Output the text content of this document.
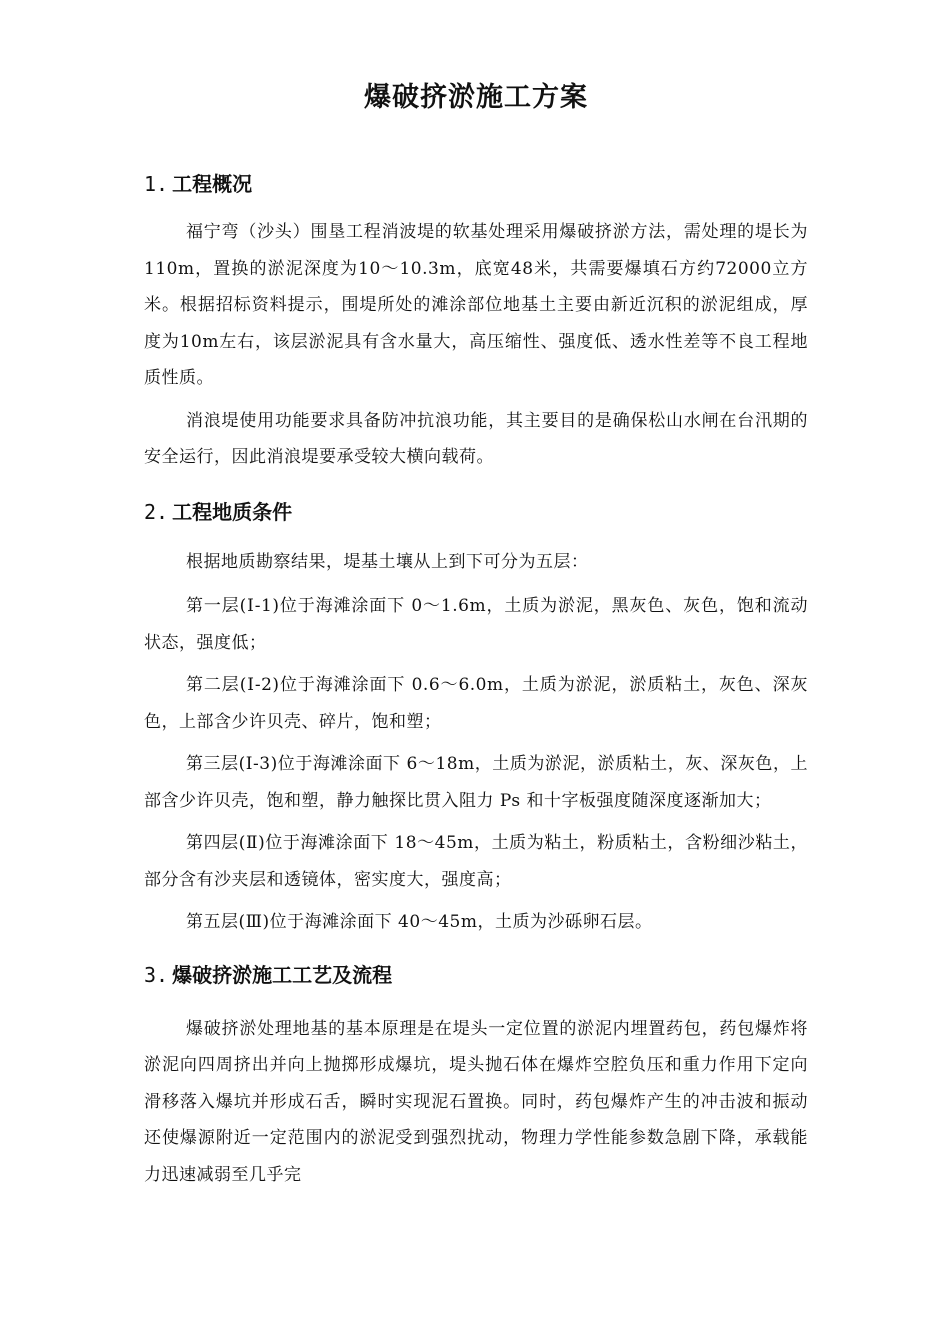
爆破挤淤施工方案
1. 工程概况

福宁弯（沙头）围垦工程消波堤的软基处理采用爆破挤淤方法，需处理的堤长为110m，置换的淤泥深度为10～10.3m，底宽48米，共需要爆填石方约72000立方米。根据招标资料提示，围堤所处的滩涂部位地基土主要由新近沉积的淤泥组成，厚度为10m左右，该层淤泥具有含水量大，高压缩性、强度低、透水性差等不良工程地质性质。

消浪堤使用功能要求具备防冲抗浪功能，其主要目的是确保松山水闸在台汛期的安全运行，因此消浪堤要承受较大横向载荷。

2. 工程地质条件

根据地质勘察结果，堤基土壤从上到下可分为五层：

第一层(Ⅰ-1)位于海滩涂面下 0～1.6m，土质为淤泥，黑灰色、灰色，饱和流动状态，强度低；

第二层(Ⅰ-2)位于海滩涂面下 0.6～6.0m，土质为淤泥，淤质粘土，灰色、深灰色，上部含少许贝壳、碎片，饱和塑；

第三层(Ⅰ-3)位于海滩涂面下 6～18m，土质为淤泥，淤质粘土，灰、深灰色，上部含少许贝壳，饱和塑，静力触探比贯入阻力 Ps 和十字板强度随深度逐渐加大；

第四层(Ⅱ)位于海滩涂面下 18～45m，土质为粘土，粉质粘土，含粉细沙粘土，部分含有沙夹层和透镜体，密实度大，强度高；

第五层(Ⅲ)位于海滩涂面下 40～45m，土质为沙砾卵石层。

3. 爆破挤淤施工工艺及流程

爆破挤淤处理地基的基本原理是在堤头一定位置的淤泥内埋置药包，药包爆炸将淤泥向四周挤出并向上抛掷形成爆坑，堤头抛石体在爆炸空腔负压和重力作用下定向滑移落入爆坑并形成石舌，瞬时实现泥石置换。同时，药包爆炸产生的冲击波和振动还使爆源附近一定范围内的淤泥受到强烈扰动，物理力学性能参数急剧下降，承载能力迅速减弱至几乎完
